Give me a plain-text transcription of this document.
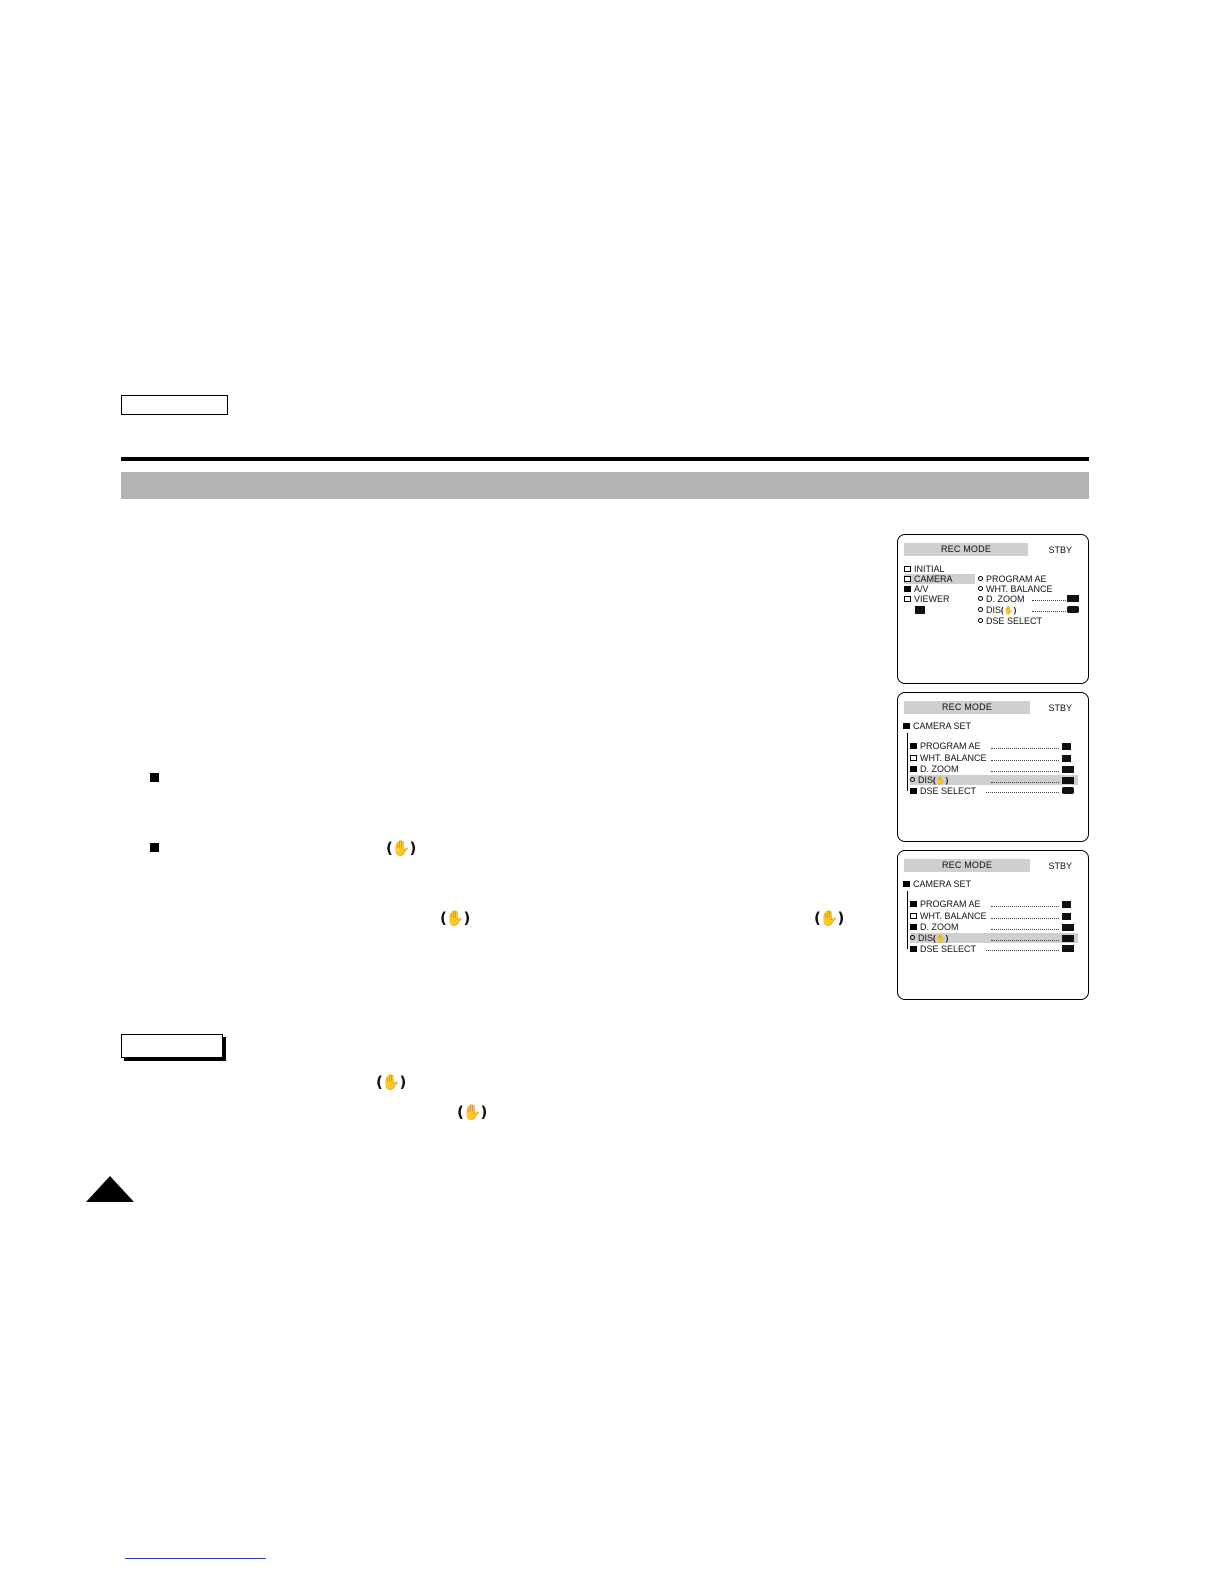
REC MODE	STBY
INITIAL
CAMERA
A/V
VIEWER
PROGRAM AE
WHT. BALANCE
D. ZOOM
DIS(✋)
DSE SELECT
REC MODE	STBY
CAMERA SET
PROGRAM AE
WHT. BALANCE
D. ZOOM
DIS(✋)
DSE SELECT
REC MODE	STBY
CAMERA SET
PROGRAM AE
WHT. BALANCE
D. ZOOM
DIS(✋)
DSE SELECT
(✋)
(✋)	(✋)
(✋)
(✋)
